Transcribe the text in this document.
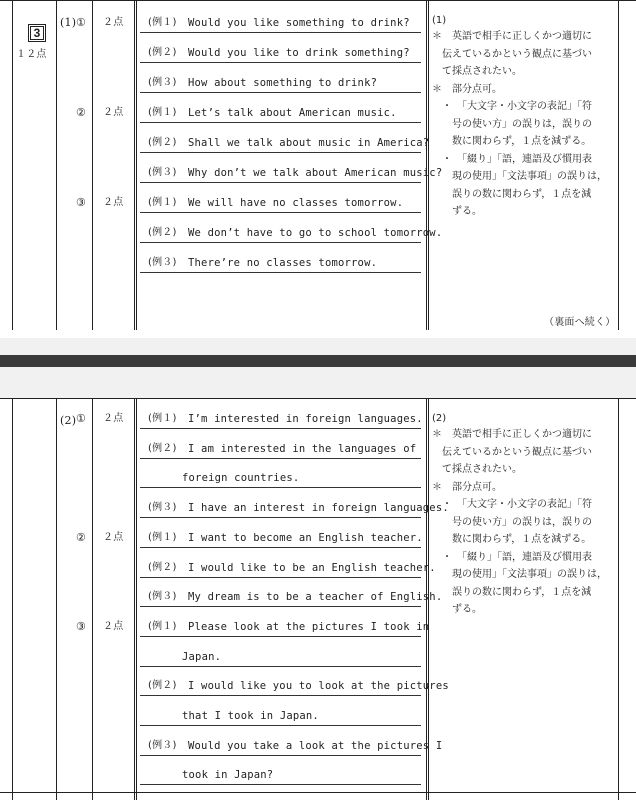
3
１２点
(1) ① ２点 (例１) Would you like something to drink?
(例２) Would you like to drink something?
(例３) How about something to drink?
② ２点 (例１) Let’s talk about American music.
(例２) Shall we talk about music in America?
(例３) Why don’t we talk about American music?
③ ２点 (例１) We will have no classes tomorrow.
(例２) We don’t have to go to school tomorrow.
(例３) There’re no classes tomorrow.
(1)
＊　英語で相手に正しくかつ適切に
　伝えているかという観点に基づい
　て採点されたい。
＊　部分点可。
　・　「大文字・小文字の表記」「符
　　号の使い方」の誤りは，誤りの
　　数に関わらず，１点を減ずる。
　・　「綴り」「語，連語及び慣用表
　　現の使用」「文法事項」の誤りは，
　　誤りの数に関わらず，１点を減
　　ずる。
（裏面へ続く）
(2) ① ２点 (例１) I’m interested in foreign languages.
(例２) I am interested in the languages of
foreign countries.
(例３) I have an interest in foreign languages.
② ２点 (例１) I want to become an English teacher.
(例２) I would like to be an English teacher.
(例３) My dream is to be a teacher of English.
③ ２点 (例１) Please look at the pictures I took in
Japan.
(例２) I would like you to look at the pictures
that I took in Japan.
(例３) Would you take a look at the pictures I
took in Japan?
(2)
＊　英語で相手に正しくかつ適切に
　伝えているかという観点に基づい
　て採点されたい。
＊　部分点可。
　・　「大文字・小文字の表記」「符
　　号の使い方」の誤りは，誤りの
　　数に関わらず，１点を減ずる。
　・　「綴り」「語，連語及び慣用表
　　現の使用」「文法事項」の誤りは，
　　誤りの数に関わらず，１点を減
　　ずる。
